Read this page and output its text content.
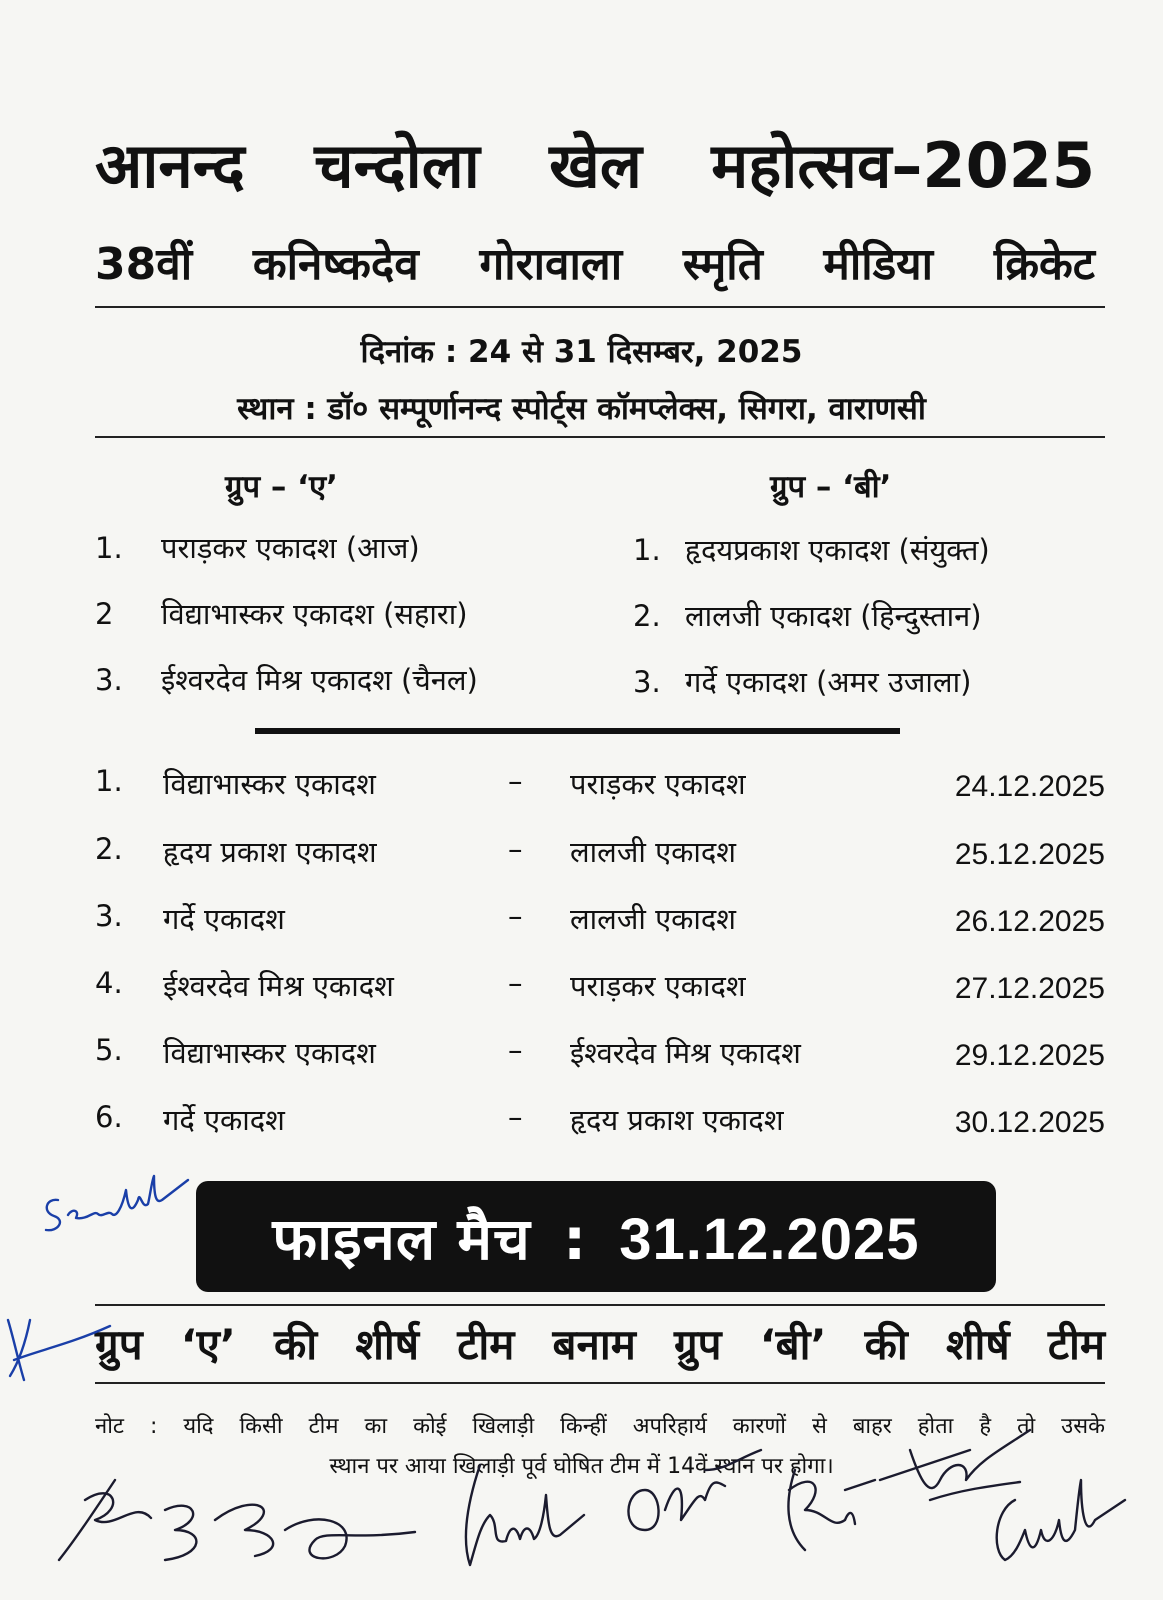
आनन्द चन्दोला खेल महोत्सव–2025
38वीं कनिष्कदेव गोरावाला स्मृति मीडिया क्रिकेट
दिनांक : 24 से 31 दिसम्बर, 2025
स्थान : डॉ० सम्पूर्णानन्द स्पोर्ट्स कॉमप्लेक्स, सिगरा, वाराणसी
ग्रुप – ‘ए’	ग्रुप – ‘बी’
1. पराड़कर एकादश (आज)
2 विद्याभास्कर एकादश (सहारा)
3. ईश्वरदेव मिश्र एकादश (चैनल)
1. हृदयप्रकाश एकादश (संयुक्त)
2. लालजी एकादश (हिन्दुस्तान)
3. गर्दे एकादश (अमर उजाला)
1. विद्याभास्कर एकादश	– पराड़कर एकादश	24.12.2025
2. हृदय प्रकाश एकादश	– लालजी एकादश	25.12.2025
3. गर्दे एकादश	– लालजी एकादश	26.12.2025
4. ईश्वरदेव मिश्र एकादश	– पराड़कर एकादश	27.12.2025
5. विद्याभास्कर एकादश	– ईश्वरदेव मिश्र एकादश	29.12.2025
6. गर्दे एकादश	– हृदय प्रकाश एकादश	30.12.2025
फाइनल मैच : 31.12.2025
ग्रुप ‘ए’ की शीर्ष टीम बनाम ग्रुप ‘बी’ की शीर्ष टीम
नोट : यदि किसी टीम का कोई खिलाड़ी किन्हीं अपरिहार्य कारणों से बाहर होता है तो उसके
स्थान पर आया खिलाड़ी पूर्व घोषित टीम में 14वें स्थान पर होगा।
